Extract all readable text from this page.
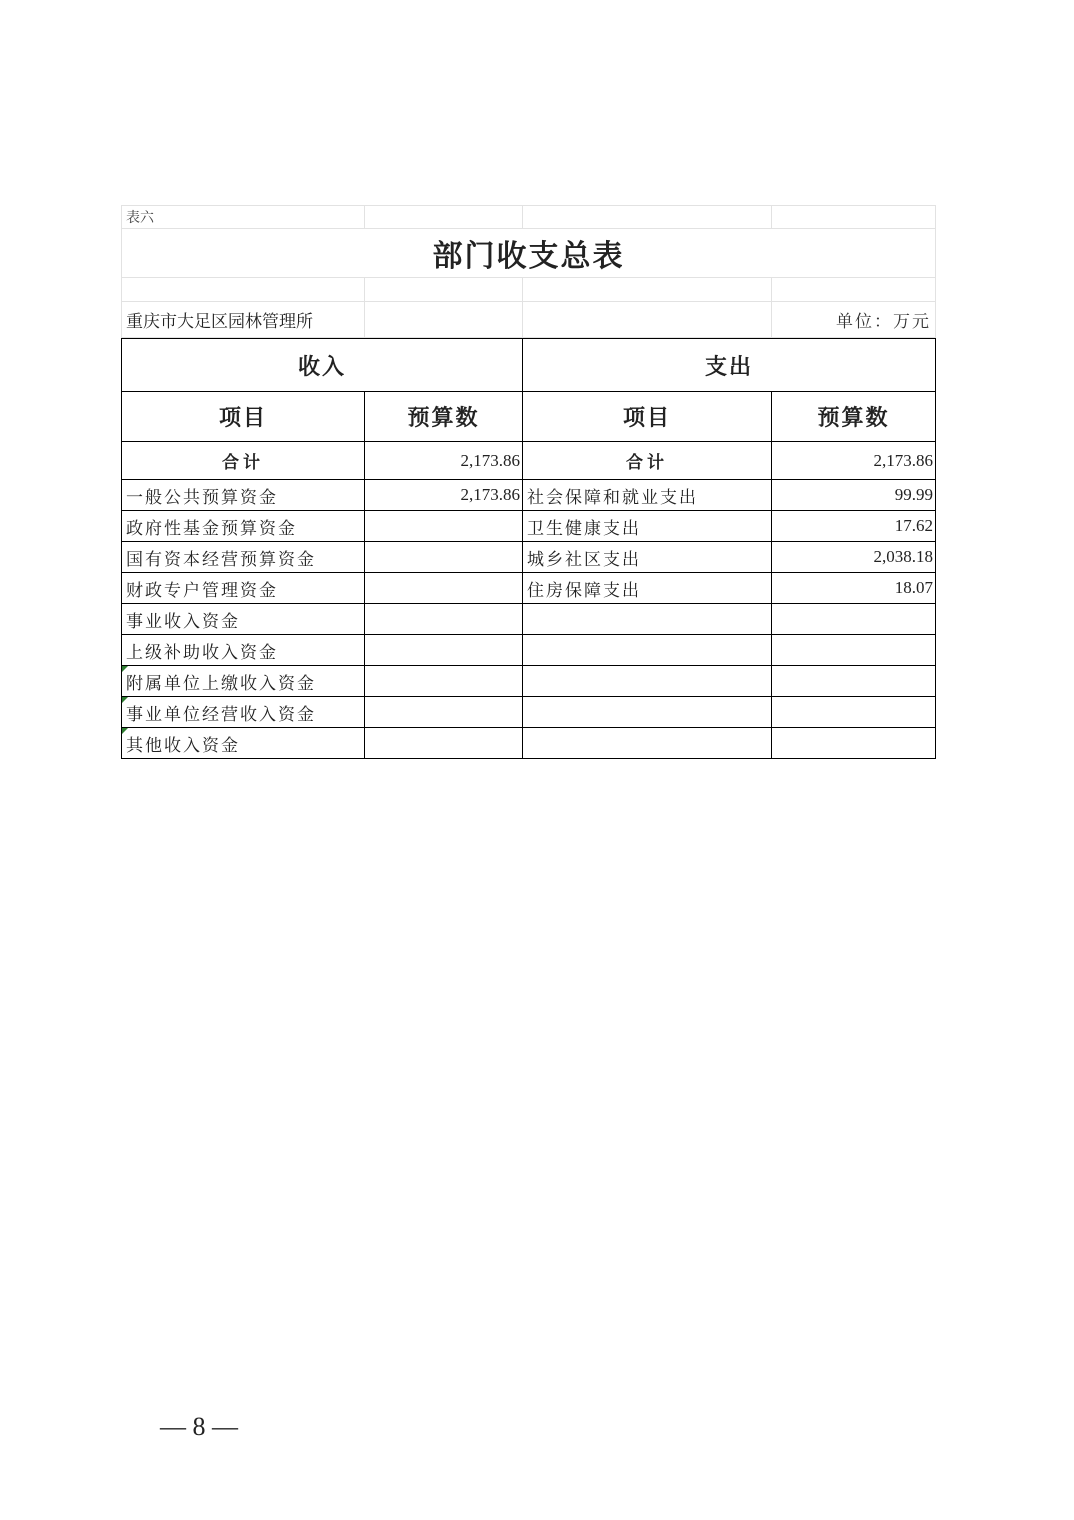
表六			
部门收支总表			

重庆市大足区园林管理所			单位：万元
收入		支出	
项目	预算数	项目	预算数
合计	2,173.86	合计	2,173.86
一般公共预算资金	2,173.86	社会保障和就业支出	99.99
政府性基金预算资金		卫生健康支出	17.62
国有资本经营预算资金		城乡社区支出	2,038.18
财政专户管理资金		住房保障支出	18.07
事业收入资金			
上级补助收入资金			
附属单位上缴收入资金			
事业单位经营收入资金			
其他收入资金			
— 8 —
